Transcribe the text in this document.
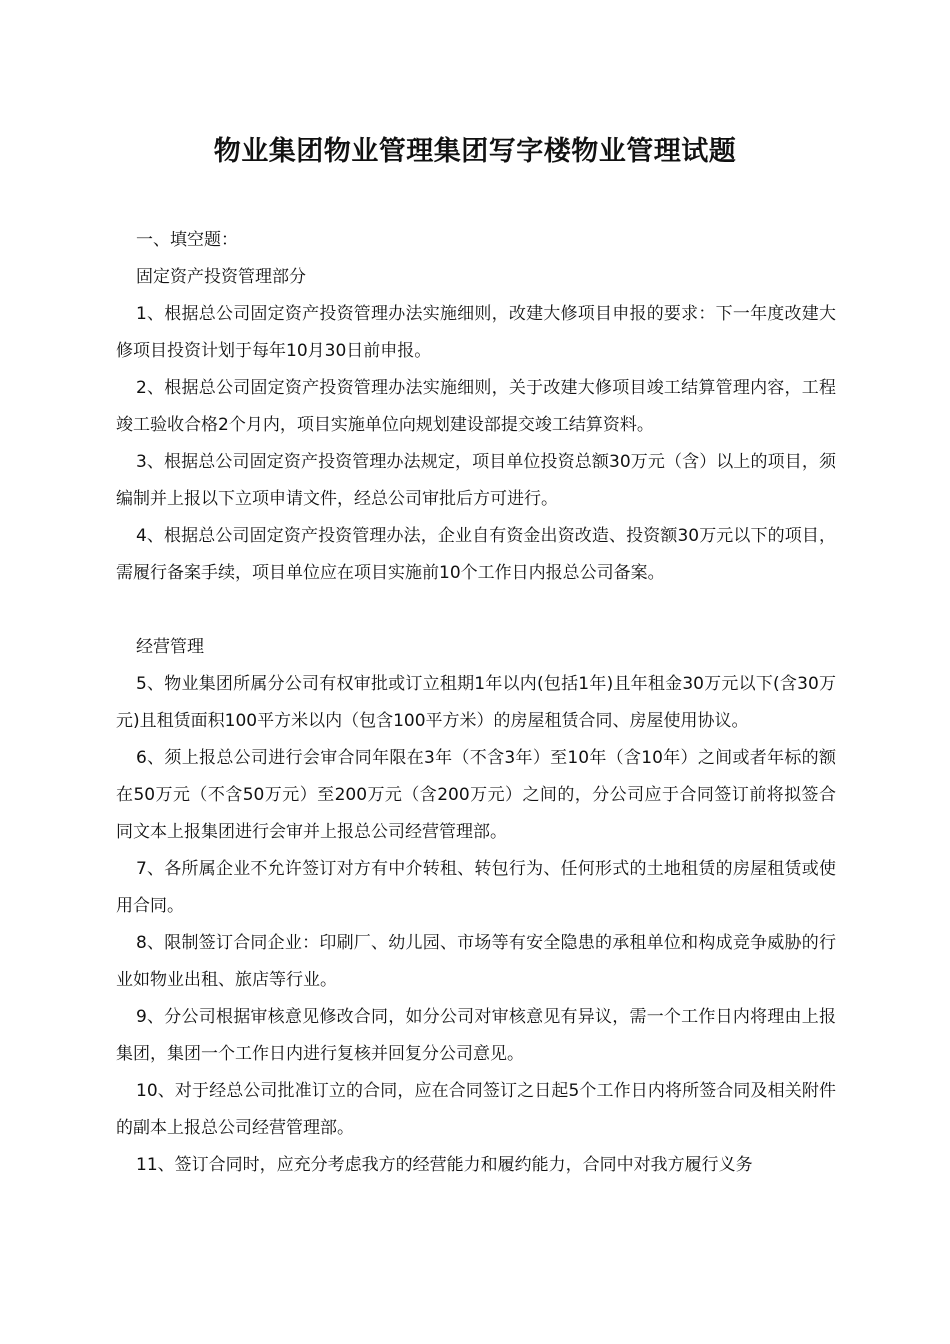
物业集团物业管理集团写字楼物业管理试题

一、填空题：

固定资产投资管理部分

1、根据总公司固定资产投资管理办法实施细则，改建大修项目申报的要求：下一年度改建大修项目投资计划于每年10月30日前申报。

2、根据总公司固定资产投资管理办法实施细则，关于改建大修项目竣工结算管理内容，工程竣工验收合格2个月内，项目实施单位向规划建设部提交竣工结算资料。

3、根据总公司固定资产投资管理办法规定，项目单位投资总额30万元（含）以上的项目，须编制并上报以下立项申请文件，经总公司审批后方可进行。

4、根据总公司固定资产投资管理办法，企业自有资金出资改造、投资额30万元以下的项目，需履行备案手续，项目单位应在项目实施前10个工作日内报总公司备案。

经营管理

5、物业集团所属分公司有权审批或订立租期1年以内(包括1年)且年租金30万元以下(含30万元)且租赁面积100平方米以内（包含100平方米）的房屋租赁合同、房屋使用协议。

6、须上报总公司进行会审合同年限在3年（不含3年）至10年（含10年）之间或者年标的额在50万元（不含50万元）至200万元（含200万元）之间的，分公司应于合同签订前将拟签合同文本上报集团进行会审并上报总公司经营管理部。

7、各所属企业不允许签订对方有中介转租、转包行为、任何形式的土地租赁的房屋租赁或使用合同。

8、限制签订合同企业：印刷厂、幼儿园、市场等有安全隐患的承租单位和构成竞争威胁的行业如物业出租、旅店等行业。

9、分公司根据审核意见修改合同，如分公司对审核意见有异议，需一个工作日内将理由上报集团，集团一个工作日内进行复核并回复分公司意见。

10、对于经总公司批准订立的合同，应在合同签订之日起5个工作日内将所签合同及相关附件的副本上报总公司经营管理部。

11、签订合同时，应充分考虑我方的经营能力和履约能力，合同中对我方履行义务
